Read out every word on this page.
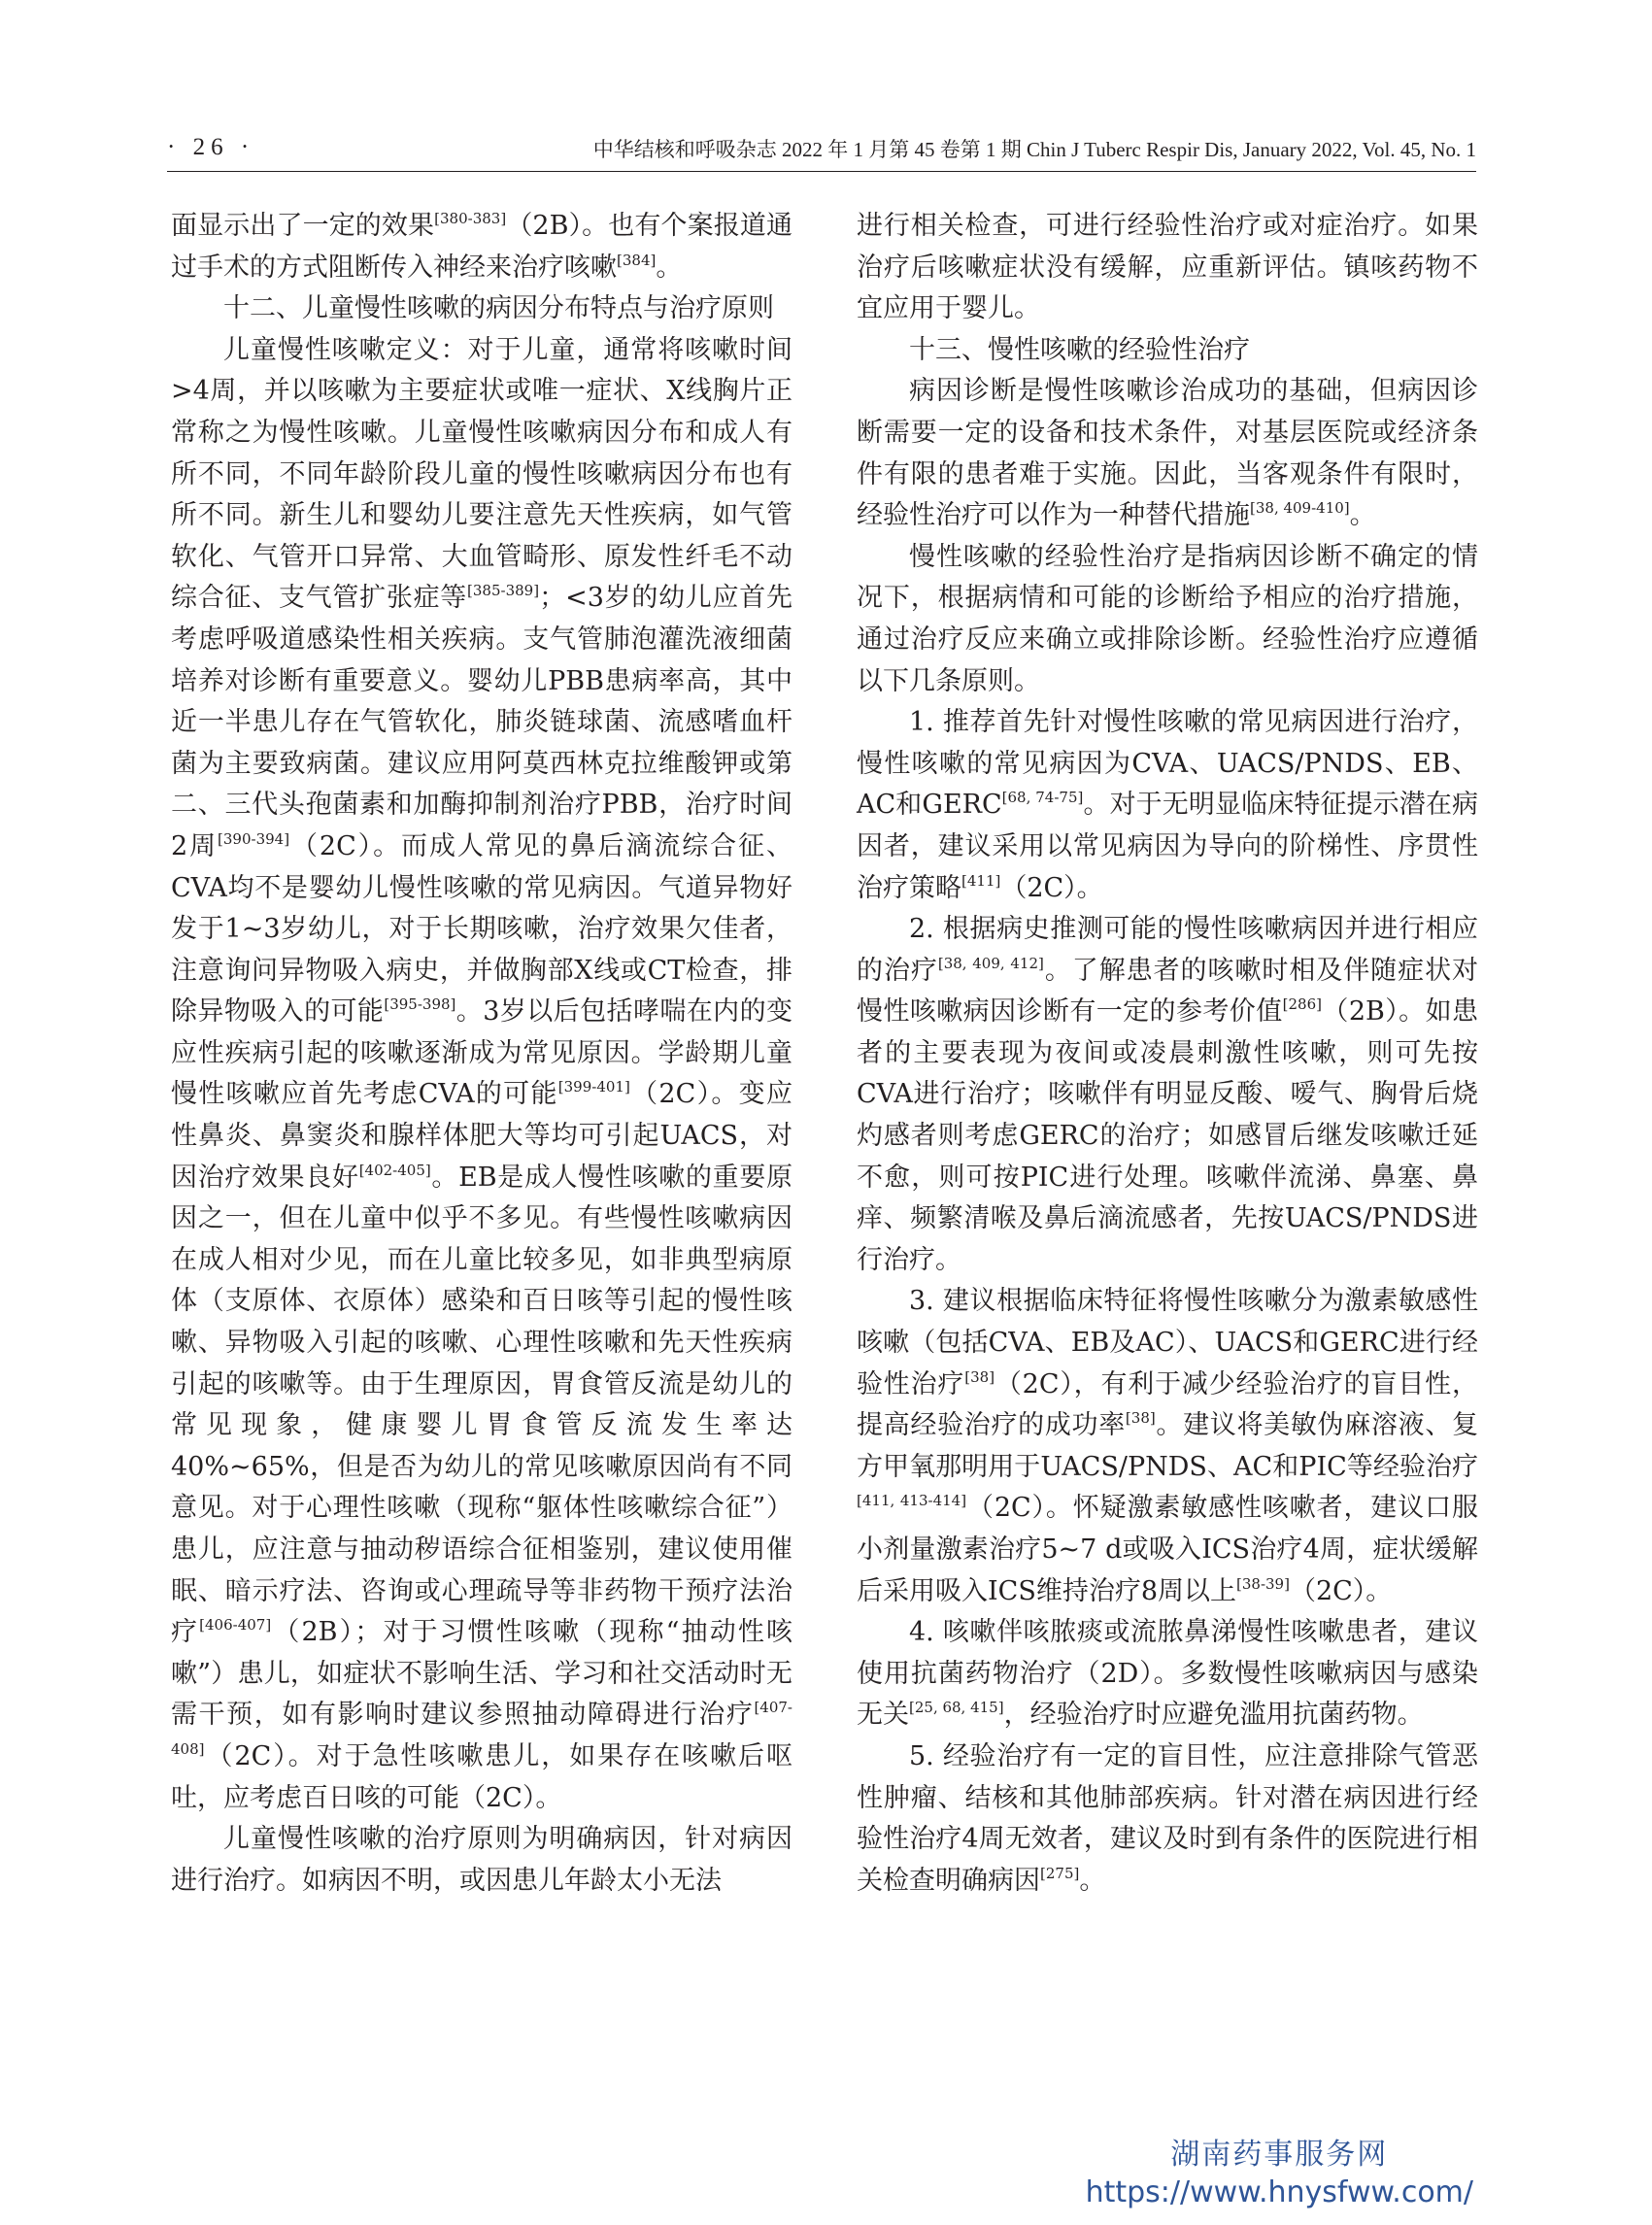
· 26 ·	中华结核和呼吸杂志 2022 年 1 月第 45 卷第 1 期 Chin J Tuberc Respir Dis, January 2022, Vol. 45, No. 1

面显示出了一定的效果[380-383]（2B）。也有个案报道通过手术的方式阻断传入神经来治疗咳嗽[384]。

十二、儿童慢性咳嗽的病因分布特点与治疗原则

儿童慢性咳嗽定义：对于儿童，通常将咳嗽时间>4周，并以咳嗽为主要症状或唯一症状、X线胸片正常称之为慢性咳嗽。儿童慢性咳嗽病因分布和成人有所不同，不同年龄阶段儿童的慢性咳嗽病因分布也有所不同。新生儿和婴幼儿要注意先天性疾病，如气管软化、气管开口异常、大血管畸形、原发性纤毛不动综合征、支气管扩张症等[385-389]；<3岁的幼儿应首先考虑呼吸道感染性相关疾病。支气管肺泡灌洗液细菌培养对诊断有重要意义。婴幼儿PBB患病率高，其中近一半患儿存在气管软化，肺炎链球菌、流感嗜血杆菌为主要致病菌。建议应用阿莫西林克拉维酸钾或第二、三代头孢菌素和加酶抑制剂治疗PBB，治疗时间2周[390-394]（2C）。而成人常见的鼻后滴流综合征、CVA均不是婴幼儿慢性咳嗽的常见病因。气道异物好发于1~3岁幼儿，对于长期咳嗽，治疗效果欠佳者，注意询问异物吸入病史，并做胸部X线或CT检查，排除异物吸入的可能[395-398]。3岁以后包括哮喘在内的变应性疾病引起的咳嗽逐渐成为常见原因。学龄期儿童慢性咳嗽应首先考虑CVA的可能[399-401]（2C）。变应性鼻炎、鼻窦炎和腺样体肥大等均可引起UACS，对因治疗效果良好[402-405]。EB是成人慢性咳嗽的重要原因之一，但在儿童中似乎不多见。有些慢性咳嗽病因在成人相对少见，而在儿童比较多见，如非典型病原体（支原体、衣原体）感染和百日咳等引起的慢性咳嗽、异物吸入引起的咳嗽、心理性咳嗽和先天性疾病引起的咳嗽等。由于生理原因，胃食管反流是幼儿的常见现象，健康婴儿胃食管反流发生率达40%~65%，但是否为幼儿的常见咳嗽原因尚有不同意见。对于心理性咳嗽（现称“躯体性咳嗽综合征”）患儿，应注意与抽动秽语综合征相鉴别，建议使用催眠、暗示疗法、咨询或心理疏导等非药物干预疗法治疗[406-407]（2B）；对于习惯性咳嗽（现称“抽动性咳嗽”）患儿，如症状不影响生活、学习和社交活动时无需干预，如有影响时建议参照抽动障碍进行治疗[407-408]（2C）。对于急性咳嗽患儿，如果存在咳嗽后呕吐，应考虑百日咳的可能（2C）。

儿童慢性咳嗽的治疗原则为明确病因，针对病因进行治疗。如病因不明，或因患儿年龄太小无法

进行相关检查，可进行经验性治疗或对症治疗。如果治疗后咳嗽症状没有缓解，应重新评估。镇咳药物不宜应用于婴儿。

十三、慢性咳嗽的经验性治疗

病因诊断是慢性咳嗽诊治成功的基础，但病因诊断需要一定的设备和技术条件，对基层医院或经济条件有限的患者难于实施。因此，当客观条件有限时，经验性治疗可以作为一种替代措施[38, 409-410]。

慢性咳嗽的经验性治疗是指病因诊断不确定的情况下，根据病情和可能的诊断给予相应的治疗措施，通过治疗反应来确立或排除诊断。经验性治疗应遵循以下几条原则。

1. 推荐首先针对慢性咳嗽的常见病因进行治疗，慢性咳嗽的常见病因为CVA、UACS/PNDS、EB、AC和GERC[68, 74-75]。对于无明显临床特征提示潜在病因者，建议采用以常见病因为导向的阶梯性、序贯性治疗策略[411]（2C）。

2. 根据病史推测可能的慢性咳嗽病因并进行相应的治疗[38, 409, 412]。了解患者的咳嗽时相及伴随症状对慢性咳嗽病因诊断有一定的参考价值[286]（2B）。如患者的主要表现为夜间或凌晨刺激性咳嗽，则可先按CVA进行治疗；咳嗽伴有明显反酸、嗳气、胸骨后烧灼感者则考虑GERC的治疗；如感冒后继发咳嗽迁延不愈，则可按PIC进行处理。咳嗽伴流涕、鼻塞、鼻痒、频繁清喉及鼻后滴流感者，先按UACS/PNDS进行治疗。

3. 建议根据临床特征将慢性咳嗽分为激素敏感性咳嗽（包括CVA、EB及AC）、UACS和GERC进行经验性治疗[38]（2C），有利于减少经验治疗的盲目性，提高经验治疗的成功率[38]。建议将美敏伪麻溶液、复方甲氧那明用于UACS/PNDS、AC和PIC等经验治疗[411, 413-414]（2C）。怀疑激素敏感性咳嗽者，建议口服小剂量激素治疗5~7 d或吸入ICS治疗4周，症状缓解后采用吸入ICS维持治疗8周以上[38-39]（2C）。

4. 咳嗽伴咳脓痰或流脓鼻涕慢性咳嗽患者，建议使用抗菌药物治疗（2D）。多数慢性咳嗽病因与感染无关[25, 68, 415]，经验治疗时应避免滥用抗菌药物。

5. 经验治疗有一定的盲目性，应注意排除气管恶性肿瘤、结核和其他肺部疾病。针对潜在病因进行经验性治疗4周无效者，建议及时到有条件的医院进行相关检查明确病因[275]。

湖南药事服务网
https://www.hnysfww.com/
